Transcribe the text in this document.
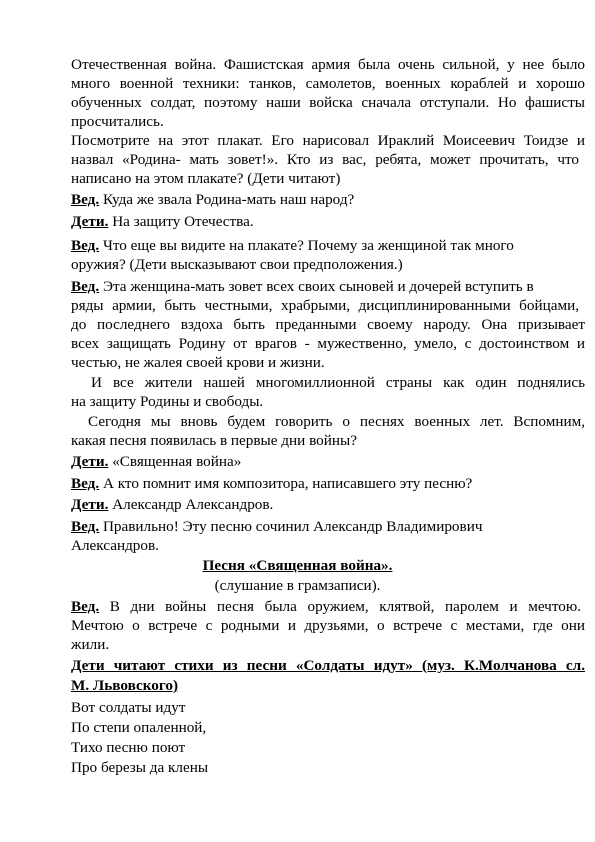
Отечественная война. Фашистская армия была очень сильной, у нее было
многo военной техники: танков, самолетов, военных кораблей и хорошо
обученных солдат, поэтому наши войска сначала отступали. Но фашисты
просчитались.
Посмотрите на этот плакат. Его нарисовал Ираклий Моисеевич Тоидзе и
назвал «Родина- мать зовет!». Кто из вас, ребята, может прочитать, что
написано на этом плакате? (Дети читают)
Вед. Куда же звала Родина-мать наш народ?
Дети. На защиту Отечества.
Вед. Что еще вы видите на плакате? Почему за женщиной так много
оружия? (Дети высказывают свои предположения.)
Вед. Эта женщина-мать зовет всех своих сыновей и дочерей вступить в
ряды армии, быть честными, храбрыми, дисциплинированными бойцами,
до последнего вздоха быть преданными своему народу. Она призывает
всех защищать Родину от врагов - мужественно, умело, с достоинством и
честью, не жалея своей крови и жизни.
И все жители нашей многомиллионной страны как один поднялись
на защиту Родины и свободы.
Сегодня мы вновь будем говорить о песнях военных лет. Вспомним,
какая песня появилась в первые дни войны?
Дети. «Священная война»
Вед. А кто помнит имя композитора, написавшего эту песню?
Дети. Александр Александров.
Вед. Правильно! Эту песню сочинил Александр Владимирович
Александров.
Песня «Священная война».
(слушание в грамзаписи).
Вед. В дни войны песня была оружием, клятвой, паролем и мечтою.
Мечтою о встрече с родными и друзьями, о встрече с местами, где они
жили.
Дети читают стихи из песни «Солдаты идут» (муз. К.Молчанова сл.
М. Львовского)
Вот солдаты идут
По степи опаленной,
Тихо песню поют
Про березы да клены
